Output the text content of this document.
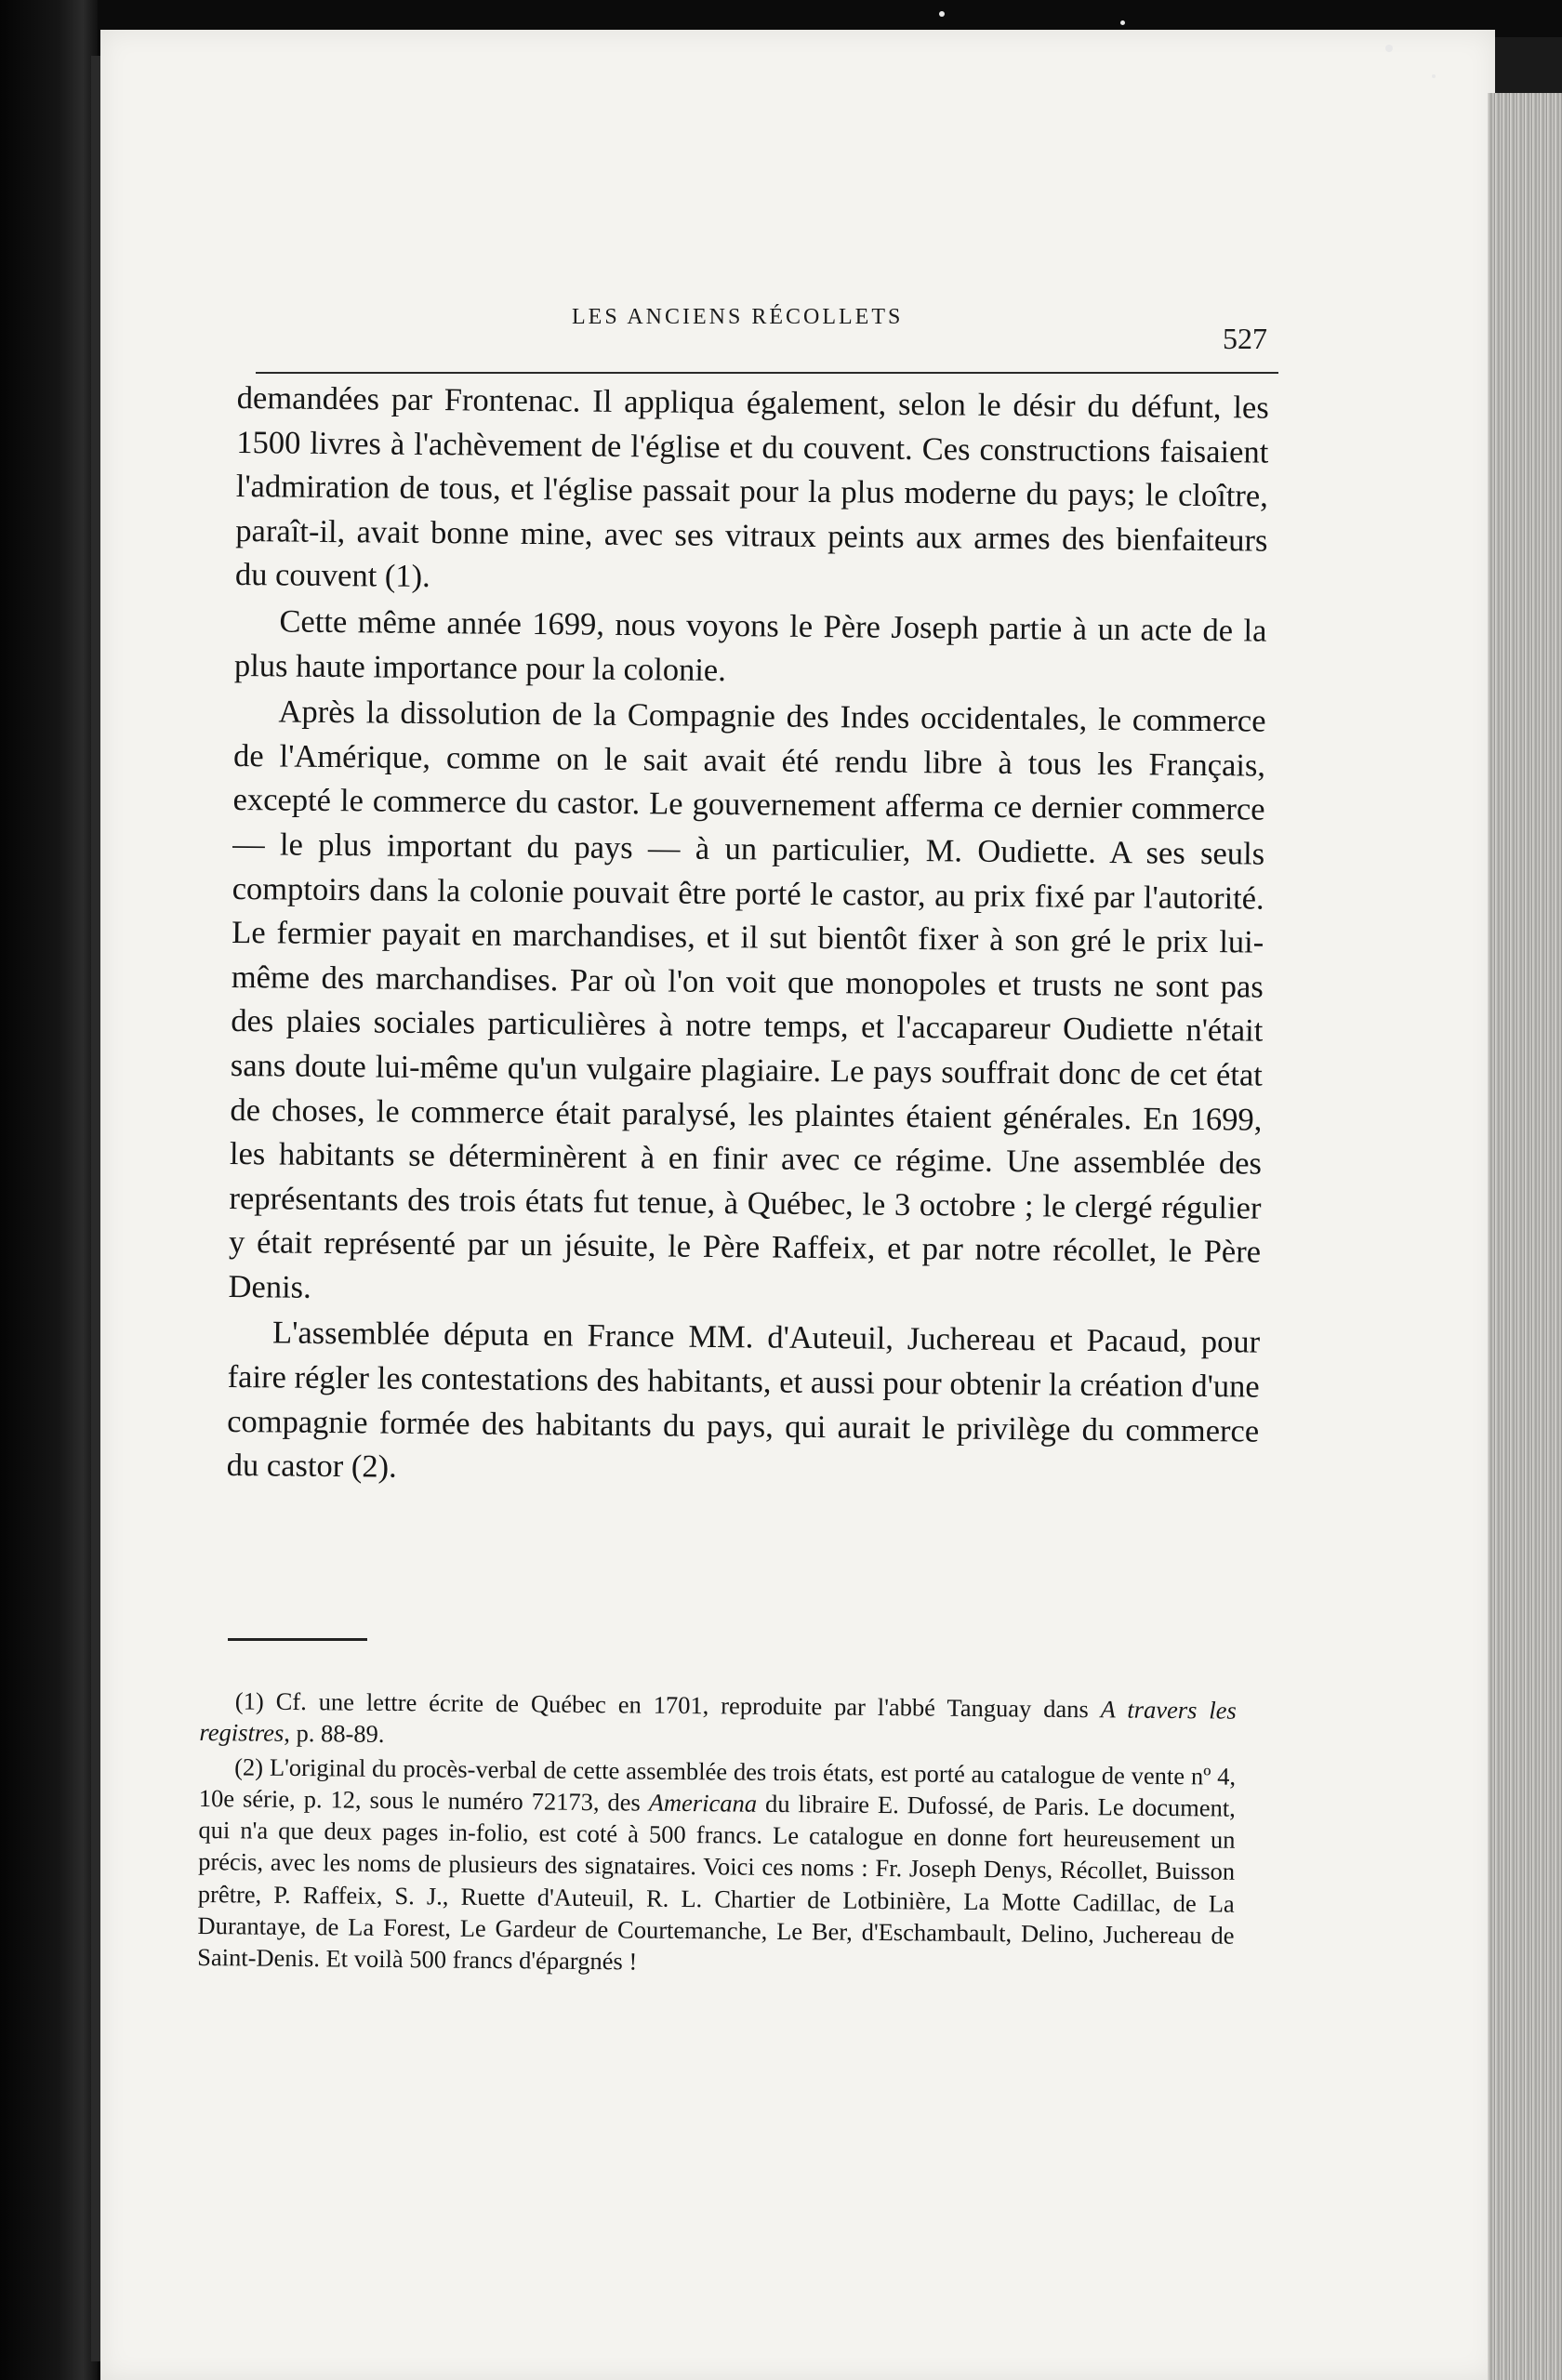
LES ANCIENS RÉCOLLETS
527

demandées par Frontenac. Il appliqua également, selon le désir du défunt, les 1500 livres à l'achèvement de l'église et du couvent. Ces constructions faisaient l'admiration de tous, et l'église passait pour la plus moderne du pays; le cloître, paraît-il, avait bonne mine, avec ses vitraux peints aux armes des bienfaiteurs du couvent (1).

Cette même année 1699, nous voyons le Père Joseph partie à un acte de la plus haute importance pour la colonie.

Après la dissolution de la Compagnie des Indes occidentales, le commerce de l'Amérique, comme on le sait avait été rendu libre à tous les Français, excepté le commerce du castor. Le gouvernement afferma ce dernier commerce — le plus important du pays — à un particulier, M. Oudiette. A ses seuls comptoirs dans la colonie pouvait être porté le castor, au prix fixé par l'autorité. Le fermier payait en marchandises, et il sut bientôt fixer à son gré le prix lui-même des marchandises. Par où l'on voit que monopoles et trusts ne sont pas des plaies sociales particulières à notre temps, et l'accapareur Oudiette n'était sans doute lui-même qu'un vulgaire plagiaire. Le pays souffrait donc de cet état de choses, le commerce était paralysé, les plaintes étaient générales. En 1699, les habitants se déterminèrent à en finir avec ce régime. Une assemblée des représentants des trois états fut tenue, à Québec, le 3 octobre ; le clergé régulier y était représenté par un jésuite, le Père Raffeix, et par notre récollet, le Père Denis.

L'assemblée députa en France MM. d'Auteuil, Juchereau et Pacaud, pour faire régler les contestations des habitants, et aussi pour obtenir la création d'une compagnie formée des habitants du pays, qui aurait le privilège du commerce du castor (2).

(1) Cf. une lettre écrite de Québec en 1701, reproduite par l'abbé Tanguay dans A travers les registres, p. 88-89.

(2) L'original du procès-verbal de cette assemblée des trois états, est porté au catalogue de vente nº 4, 10e série, p. 12, sous le numéro 72173, des Americana du libraire E. Dufossé, de Paris. Le document, qui n'a que deux pages in-folio, est coté à 500 francs. Le catalogue en donne fort heureusement un précis, avec les noms de plusieurs des signataires. Voici ces noms : Fr. Joseph Denys, Récollet, Buisson prêtre, P. Raffeix, S. J., Ruette d'Auteuil, R. L. Chartier de Lotbinière, La Motte Cadillac, de La Durantaye, de La Forest, Le Gardeur de Courtemanche, Le Ber, d'Eschambault, Delino, Juchereau de Saint-Denis. Et voilà 500 francs d'épargnés !
